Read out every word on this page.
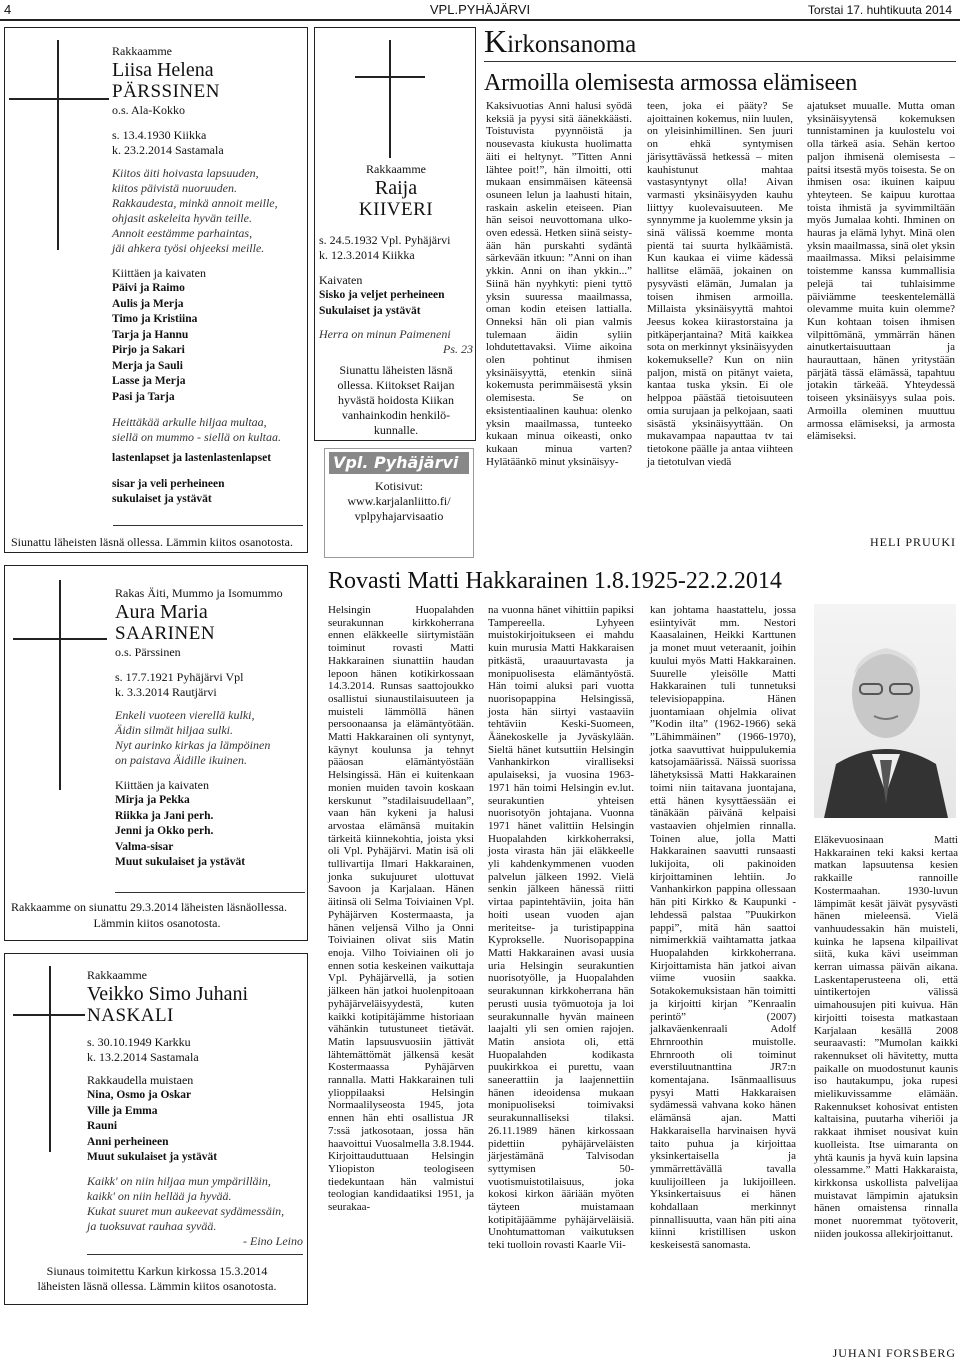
4	VPL.PYHÄJÄRVI	Torstai 17. huhtikuuta 2014
Rakkaamme
Liisa Helena
PÄRSSINEN
o.s. Ala-Kokko
s. 13.4.1930 Kiikka
k. 23.2.2014 Sastamala
Kiitos äiti hoivasta lapsuuden,
kiitos päivistä nuoruuden.
Rakkaudesta, minkä annoit meille,
ohjasit askeleita hyvän teille.
Annoit eestämme parhaintas,
jäi ahkera työsi ohjeeksi meille.
Kiittäen ja kaivaten
Päivi ja Raimo
Aulis ja Merja
Timo ja Kristiina
Tarja ja Hannu
Pirjo ja Sakari
Merja ja Sauli
Lasse ja Merja
Pasi ja Tarja
Heittäkää arkulle hiljaa multaa,
siellä on mummo - siellä on kultaa.
lastenlapset ja lastenlastenlapset
sisar ja veli perheineen
sukulaiset ja ystävät
Siunattu läheisten läsnä ollessa. Lämmin kiitos osanotosta.
Rakkaamme
Raija
KIIVERI
s. 24.5.1932 Vpl. Pyhäjärvi
k. 12.3.2014 Kiikka
Kaivaten
Sisko ja veljet perheineen
Sukulaiset ja ystävät
Herra on minun Paimeneni
Ps. 23
Siunattu läheisten läsnä
ollessa. Kiitokset Raijan
hyvästä hoidosta Kiikan
vanhainkodin henkilö-
kunnalle.
Vpl. Pyhäjärvi
Kotisivut:
www.karjalanliitto.fi/
vplpyhajarvisaatio
Kirkonsanoma
Armoilla olemisesta armossa elämiseen
Kaksivuotias Anni halusi syödä keksiä ja pyysi sitä äänekkäästi. Toistuvista pyynnöistä ja nousevasta kiukusta huolimatta äiti ei heltynyt. ”Titten Anni lähtee poit!”, hän ilmoitti, otti mukaan ensimmäisen käteensä osuneen lelun ja laahusti hitain, raskain askelin eteiseen. Pian hän seisoi neuvottomana ulko-oven edessä. Hetken siinä seisty-ään hän purskahti sydäntä särkevään itkuun: ”Anni on ihan ykkin. Anni on ihan ykkin...” Siinä hän nyyhkyti: pieni tyttö yksin suuressa maailmassa, oman kodin eteisen lattialla. Onneksi hän oli pian valmis tulemaan äidin syliin lohdutettavaksi. Viime aikoina olen pohtinut ihmisen yksinäisyyttä, etenkin siinä kokemusta perimmäisestä yksin olemisesta. Se on eksistentiaalinen kauhua: olenko yksin maailmassa, tunteeko kukaan minua oikeasti, onko kukaan minua varten? Hylätäänkö minut yksinäisyy-
teen, joka ei pääty? Se ajoittainen kokemus, niin luulen, on yleisinhimillinen. Sen juuri on ehkä syntymisen järisyttävässä hetkessä – miten kauhistunut mahtaa vastasyntynyt olla! Aivan varmasti yksinäisyyden kauhu liittyy kuolevaisuuteen. Me synnymme ja kuolemme yksin ja sinä välissä koemme monta pientä tai suurta hylkäämistä. Kun kaukaa ei viime kädessä hallitse elämää, jokainen on pysyvästi elämän, Jumalan ja toisen ihmisen armoilla. Millaista yksinäisyyttä mahtoi Jeesus kokea kiirastorstaina ja pitkäperjantaina? Mitä kaikkea sota on merkinnyt yksinäisyyden kokemukselle? Kun on niin paljon, mistä on pitänyt vaieta, kantaa tuska yksin. Ei ole helppoa päästää tietoisuuteen omia surujaan ja pelkojaan, saati sisästä yksinäisyyttään. On mukavampaa napauttaa tv tai tietokone päälle ja antaa viihteen ja tietotulvan viedä
ajatukset muualle. Mutta oman yksinäisyytensä kokemuksen tunnistaminen ja kuulostelu voi olla tärkeä asia. Sehän kertoo paljon ihmisenä olemisesta – paitsi itsestä myös toisesta. Se on ihmisen osa: ikuinen kaipuu yhteyteen. Se kaipuu kurottaa toista ihmistä ja syvimmiltään myös Jumalaa kohti. Ihminen on hauras ja elämä lyhyt. Minä olen yksin maailmassa, sinä olet yksin maailmassa. Miksi pelaisimme toistemme kanssa kummallisia pelejä tai tuhlaisimme päiviämme teeskentelemällä olevamme muita kuin olemme? Kun kohtaan toisen ihmisen vilpittömänä, ymmärrän hänen ainutkertaisuuttaan ja haurauttaan, hänen yritystään pärjätä tässä elämässä, tapahtuu jotakin tärkeää. Yhteydessä toiseen yksinäisyys sulaa pois. Armoilla oleminen muuttuu armossa elämiseksi, ja armosta elämiseksi.
HELI PRUUKI
Rakas Äiti, Mummo ja Isomummo
Aura Maria
SAARINEN
o.s. Pärssinen
s. 17.7.1921 Pyhäjärvi Vpl
k. 3.3.2014 Rautjärvi
Enkeli vuoteen vierellä kulki,
Äidin silmät hiljaa sulki.
Nyt aurinko kirkas ja lämpöinen
on paistava Äidille ikuinen.
Kiittäen ja kaivaten
Mirja ja Pekka
Riikka ja Jani perh.
Jenni ja Okko perh.
Valma-sisar
Muut sukulaiset ja ystävät
Rakkaamme on siunattu 29.3.2014 läheisten läsnäollessa.
Lämmin kiitos osanotosta.
Rakkaamme
Veikko Simo Juhani
NASKALI
s. 30.10.1949 Karkku
k. 13.2.2014 Sastamala
Rakkaudella muistaen
Nina, Osmo ja Oskar
Ville ja Emma
Rauni
Anni perheineen
Muut sukulaiset ja ystävät
Kaikk' on niin hiljaa mun ympärilläin,
kaikk' on niin hellää ja hyvää.
Kukat suuret mun aukeevat sydämessäin,
ja tuoksuvat rauhaa syvää.
- Eino Leino
Siunaus toimitettu Karkun kirkossa 15.3.2014
läheisten läsnä ollessa. Lämmin kiitos osanotosta.
Rovasti Matti Hakkarainen 1.8.1925-22.2.2014
Helsingin Huopalahden seurakunnan kirkkoherrana ennen eläkkeelle siirtymistään toiminut rovasti Matti Hakkarainen siunattiin haudan lepoon hänen kotikirkossaan 14.3.2014. Runsas saattojoukko osallistui siunaustilaisuuteen ja muisteli lämmöllä hänen persoonaansa ja elämäntyötään. Matti Hakkarainen oli syntynyt, käynyt koulunsa ja tehnyt pääosan elämäntyöstään Helsingissä. Hän ei kuitenkaan monien muiden tavoin koskaan kerskunut ”stadilaisuudellaan”, vaan hän kykeni ja halusi arvostaa elämänsä muitakin tärkeitä kiinnekohtia, joista yksi oli Vpl. Pyhäjärvi. Matin isä oli tullivartija Ilmari Hakkarainen, jonka sukujuuret ulottuvat Savoon ja Karjalaan. Hänen äitinsä oli Selma Toiviainen Vpl. Pyhäjärven Kostermaasta, ja hänen veljensä Vilho ja Onni Toiviainen olivat siis Matin enoja. Vilho Toiviainen oli jo ennen sotia keskeinen vaikuttaja Vpl. Pyhäjärvellä, ja sotien jälkeen hän jatkoi huolenpitoaan pyhäjärveläisyydestä, kuten kaikki kotipitäjämme historiaan vähänkin tutustuneet tietävät. Matin lapsuusvuosiin jättivät lähtemättömät jälkensä kesät Kostermaassa Pyhäjärven rannalla. Matti Hakkarainen tuli ylioppilaaksi Helsingin Normaalilyseosta 1945, jota ennen hän ehti osallistua JR 7:ssä jatkosotaan, jossa hän haavoittui Vuosalmella 3.8.1944. Kirjoittauduttuaan Helsingin Yliopiston teologiseen tiedekuntaan hän valmistui teologian kandidaatiksi 1951, ja seurakaa-
na vuonna hänet vihittiin papiksi Tampereella. Lyhyeen muistokirjoitukseen ei mahdu kuin murusia Matti Hakkaraisen pitkästä, uraauurtavasta ja monipuolisesta elämäntyöstä. Hän toimi aluksi pari vuotta nuorisopappina Helsingissä, josta hän siirtyi vastaaviin tehtäviin Keski-Suomeen, Äänekoskelle ja Jyväskylään. Sieltä hänet kutsuttiin Helsingin Vanhankirkon viralliseksi apulaiseksi, ja vuosina 1963-1971 hän toimi Helsingin ev.lut. seurakuntien yhteisen nuorisotyön johtajana. Vuonna 1971 hänet valittiin Helsingin Huopalahden kirkkoherraksi, josta virasta hän jäi eläkkeelle yli kahdenkymmenen vuoden palvelun jälkeen 1992. Vielä senkin jälkeen hänessä riitti virtaa papintehtäviin, joita hän hoiti usean vuoden ajan meriteitse- ja turistipappina Kyprokselle. Nuorisopappina Matti Hakkarainen avasi uusia uria Helsingin seurakuntien nuorisotyölle, ja Huopalahden seurakunnan kirkkoherrana hän perusti uusia työmuotoja ja loi seurakunnalle hyvän maineen laajalti yli sen omien rajojen. Matin ansiota oli, että Huopalahden kodikasta puukirkkoa ei purettu, vaan saneerattiin ja laajennettiin hänen ideoidensa mukaan monipuoliseksi toimivaksi seurakunnalliseksi tilaksi. 26.11.1989 hänen kirkossaan pidettiin pyhäjärveläisten järjestämänä Talvisodan syttymisen 50-vuotismuistotilaisuus, joka kokosi kirkon ääriään myöten täyteen muistamaan kotipitäjäämme pyhäjärveläisiä. Unohtumattoman vaikutuksen teki tuolloin rovasti Kaarle Vii-
kan johtama haastattelu, jossa esiintyivät mm. Nestori Kaasalainen, Heikki Karttunen ja monet muut veteraanit, joihin kuului myös Matti Hakkarainen. Suurelle yleisölle Matti Hakkarainen tuli tunnetuksi televisiopappina. Hänen juontamiaan ohjelmia olivat ”Kodin ilta” (1962-1966) sekä ”Lähimmäinen” (1966-1970), jotka saavuttivat huippulukemia katsojamäärissä. Näissä suorissa lähetyksissä Matti Hakkarainen toimi niin taitavana juontajana, että hänen kysyttäessään ei tänäkään päivänä kelpaisi vastaavien ohjelmien rinnalla. Toinen alue, jolla Matti Hakkarainen saavutti runsaasti lukijoita, oli pakinoiden kirjoittaminen lehtiin. Jo Vanhankirkon pappina ollessaan hän piti Kirkko & Kaupunki -lehdessä palstaa ”Puukirkon pappi”, mitä hän saattoi nimimerkkiä vaihtamatta jatkaa Huopalahden kirkkoherrana. Kirjoittamista hän jatkoi aivan viime vuosiin saakka. Sotakokemuksistaan hän toimitti ja kirjoitti kirjan ”Kenraalin perintö” (2007) jalkaväenkenraali Adolf Ehrnroothin muistolle. Ehrnrooth oli toiminut everstiluutnanttina JR7:n komentajana. Isänmaallisuus pysyi Matti Hakkaraisen sydämessä vahvana koko hänen elämänsä ajan. Matti Hakkaraisella harvinaisen hyvä taito puhua ja kirjoittaa yksinkertaisella ja ymmärrettävällä tavalla kuulijoilleen ja lukijoilleen. Yksinkertaisuus ei hänen kohdallaan merkinnyt pinnallisuutta, vaan hän piti aina kiinni kristillisen uskon keskeisestä sanomasta.
Eläkevuosinaan Matti Hakkarainen teki kaksi kertaa matkan lapsuutensa kesien rakkaille rannoille Kostermaahan. 1930-luvun lämpimät kesät jäivät pysyvästi hänen mieleensä. Vielä vanhuudessakin hän muisteli, kuinka he lapsena kilpailivat siitä, kuka kävi useimman kerran uimassa päivän aikana. Laskentaperusteena oli, että uintikertojen välissä uimahousujen piti kuivua. Hän kirjoitti toisesta matkastaan Karjalaan kesällä 2008 seuraavasti: ”Mumolan kaikki rakennukset oli hävitetty, mutta paikalle on muodostunut kaunis iso hautakumpu, joka rupesi mielikuvissamme elämään. Rakennukset kohosivat entisten kaltaisina, puutarha viheriöi ja rakkaat ihmiset nousivat kuin kuolleista. Itse uimaranta on yhtä kaunis ja hyvä kuin lapsina olessamme.” Matti Hakkaraista, kirkkonsa uskollista palvelijaa muistavat lämpimin ajatuksin hänen omaistensa rinnalla monet nuoremmat työtoverit, niiden joukossa allekirjoittanut.
JUHANI FORSBERG
